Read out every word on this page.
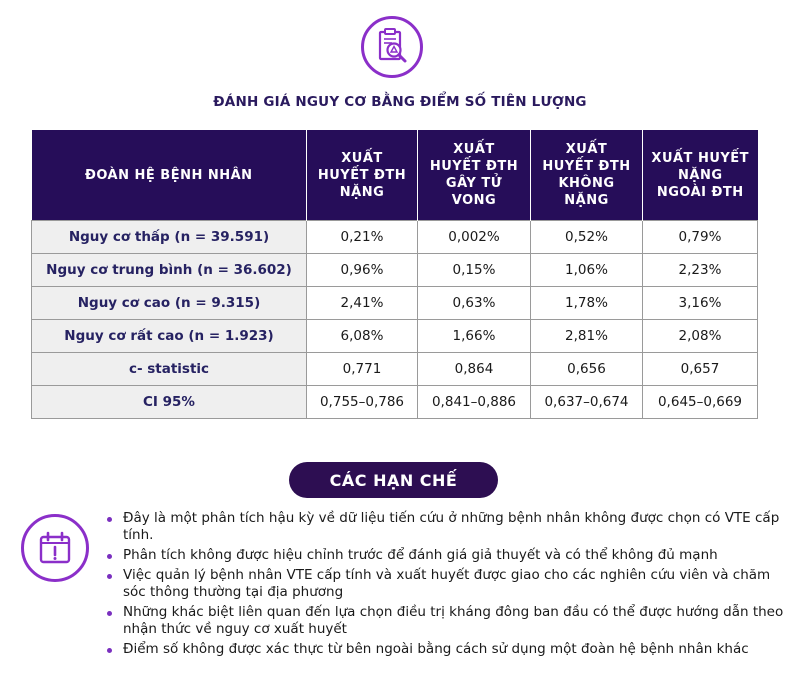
ĐÁNH GIÁ NGUY CƠ BẰNG ĐIỂM SỐ TIÊN LƯỢNG
ĐOÀN HỆ BỆNH NHÂN	XUẤT HUYẾT ĐTH NẶNG	XUẤT HUYẾT ĐTH GÂY TỬ VONG	XUẤT HUYẾT ĐTH KHÔNG NẶNG	XUẤT HUYẾT NẶNG NGOÀI ĐTH
Nguy cơ thấp (n = 39.591)	0,21%	0,002%	0,52%	0,79%
Nguy cơ trung bình (n = 36.602)	0,96%	0,15%	1,06%	2,23%
Nguy cơ cao (n = 9.315)	2,41%	0,63%	1,78%	3,16%
Nguy cơ rất cao (n = 1.923)	6,08%	1,66%	2,81%	2,08%
c- statistic	0,771	0,864	0,656	0,657
CI 95%	0,755–0,786	0,841–0,886	0,637–0,674	0,645–0,669
CÁC HẠN CHẾ
Đây là một phân tích hậu kỳ về dữ liệu tiến cứu ở những bệnh nhân không được chọn có VTE cấp tính.
Phân tích không được hiệu chỉnh trước để đánh giá giả thuyết và có thể không đủ mạnh
Việc quản lý bệnh nhân VTE cấp tính và xuất huyết được giao cho các nghiên cứu viên và chăm sóc thông thường tại địa phương
Những khác biệt liên quan đến lựa chọn điều trị kháng đông ban đầu có thể được hướng dẫn theo nhận thức về nguy cơ xuất huyết
Điểm số không được xác thực từ bên ngoài bằng cách sử dụng một đoàn hệ bệnh nhân khác
